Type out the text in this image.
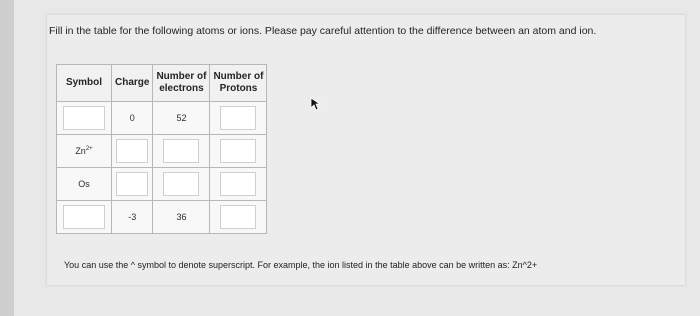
Fill in the table for the following atoms or ions. Please pay careful attention to the difference between an atom and ion.
Symbol	Charge	Number of electrons	Number of Protons
	0	52	
$Zn^{2+}$			
Os			
	-3	36	
You can use the ^ symbol to denote superscript. For example, the ion listed in the table above can be written as: Zn^2+
